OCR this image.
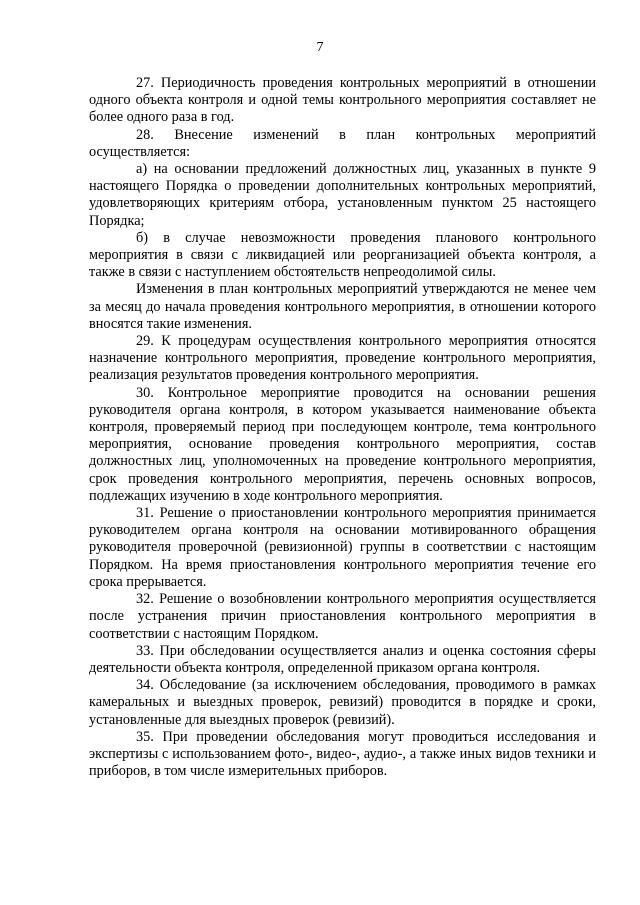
7

27. Периодичность проведения контрольных мероприятий в отношении одного объекта контроля и одной темы контрольного мероприятия составляет не более одного раза в год.

28. Внесение изменений в план контрольных мероприятий осуществляется:

а) на основании предложений должностных лиц, указанных в пункте 9 настоящего Порядка о проведении дополнительных контрольных мероприятий, удовлетворяющих критериям отбора, установленным пунктом 25 настоящего Порядка;

б) в случае невозможности проведения планового контрольного мероприятия в связи с ликвидацией или реорганизацией объекта контроля, а также в связи с наступлением обстоятельств непреодолимой силы.

Изменения в план контрольных мероприятий утверждаются не менее чем за месяц до начала проведения контрольного мероприятия, в отношении которого вносятся такие изменения.

29. К процедурам осуществления контрольного мероприятия относятся назначение контрольного мероприятия, проведение контрольного мероприятия, реализация результатов проведения контрольного мероприятия.

30. Контрольное мероприятие проводится на основании решения руководителя органа контроля, в котором указывается наименование объекта контроля, проверяемый период при последующем контроле, тема контрольного мероприятия, основание проведения контрольного мероприятия, состав должностных лиц, уполномоченных на проведение контрольного мероприятия, срок проведения контрольного мероприятия, перечень основных вопросов, подлежащих изучению в ходе контрольного мероприятия.

31. Решение о приостановлении контрольного мероприятия принимается руководителем органа контроля на основании мотивированного обращения руководителя проверочной (ревизионной) группы в соответствии с настоящим Порядком. На время приостановления контрольного мероприятия течение его срока прерывается.

32. Решение о возобновлении контрольного мероприятия осуществляется после устранения причин приостановления контрольного мероприятия в соответствии с настоящим Порядком.

33. При обследовании осуществляется анализ и оценка состояния сферы деятельности объекта контроля, определенной приказом органа контроля.

34. Обследование (за исключением обследования, проводимого в рамках камеральных и выездных проверок, ревизий) проводится в порядке и сроки, установленные для выездных проверок (ревизий).

35. При проведении обследования могут проводиться исследования и экспертизы с использованием фото-, видео-, аудио-, а также иных видов техники и приборов, в том числе измерительных приборов.
